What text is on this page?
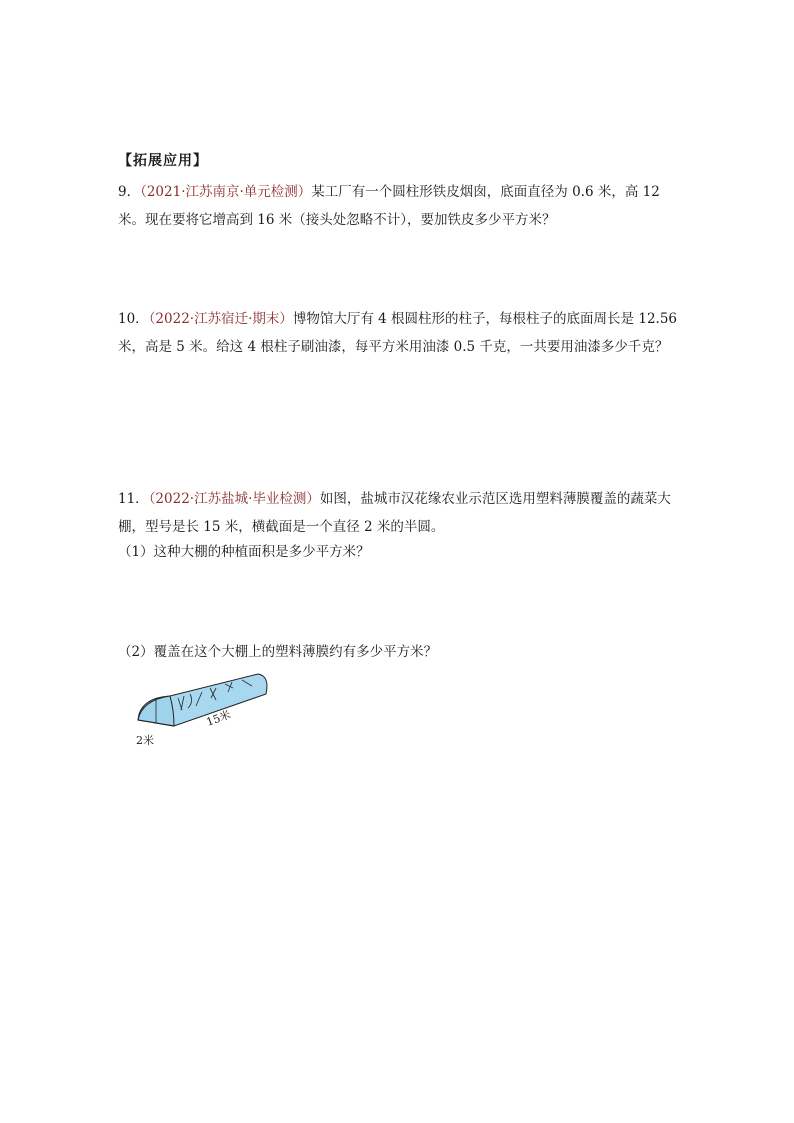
【拓展应用】
9．（2021·江苏南京·单元检测）某工厂有一个圆柱形铁皮烟囱，底面直径为 0.6 米，高 12 米。现在要将它增高到 16 米（接头处忽略不计），要加铁皮多少平方米？
10．（2022·江苏宿迁·期末）博物馆大厅有 4 根圆柱形的柱子，每根柱子的底面周长是 12.56 米，高是 5 米。给这 4 根柱子刷油漆，每平方米用油漆 0.5 千克，一共要用油漆多少千克？
11．（2022·江苏盐城·毕业检测）如图，盐城市汉花缘农业示范区选用塑料薄膜覆盖的蔬菜大棚，型号是长 15 米，横截面是一个直径 2 米的半圆。
（1）这种大棚的种植面积是多少平方米？
（2）覆盖在这个大棚上的塑料薄膜约有多少平方米？
2米
15米
